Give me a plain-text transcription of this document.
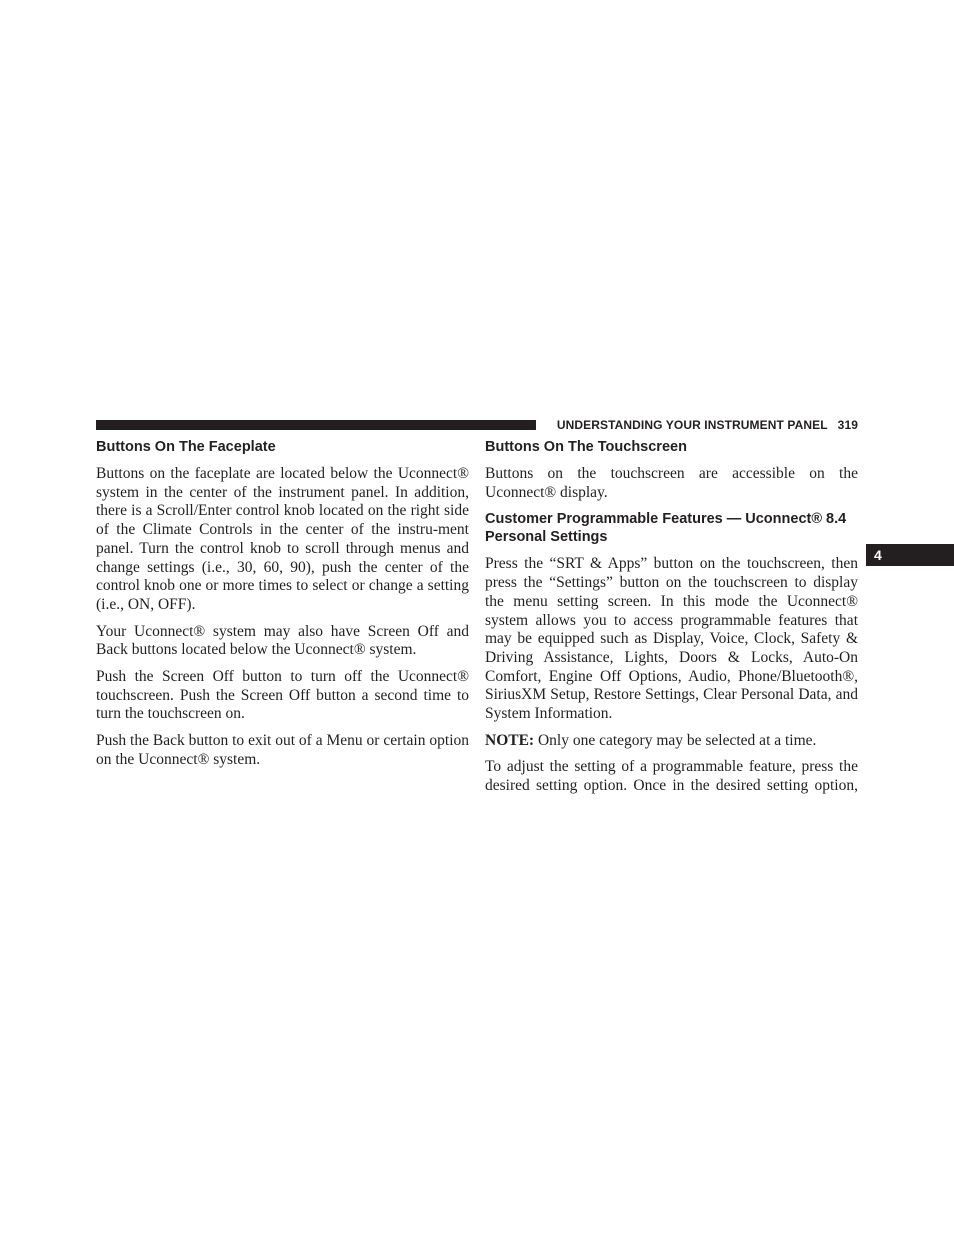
UNDERSTANDING YOUR INSTRUMENT PANEL 319
4
Buttons On The Faceplate

Buttons on the faceplate are located below the Uconnect® system in the center of the instrument panel. In addition, there is a Scroll/Enter control knob located on the right side of the Climate Controls in the center of the instru-ment panel. Turn the control knob to scroll through menus and change settings (i.e., 30, 60, 90), push the center of the control knob one or more times to select or change a setting (i.e., ON, OFF).

Your Uconnect® system may also have Screen Off and Back buttons located below the Uconnect® system.

Push the Screen Off button to turn off the Uconnect® touchscreen. Push the Screen Off button a second time to turn the touchscreen on.

Push the Back button to exit out of a Menu or certain option on the Uconnect® system.

Buttons On The Touchscreen

Buttons on the touchscreen are accessible on the Uconnect® display.

Customer Programmable Features — Uconnect® 8.4 Personal Settings

Press the “SRT & Apps” button on the touchscreen, then press the “Settings” button on the touchscreen to display the menu setting screen. In this mode the Uconnect® system allows you to access programmable features that may be equipped such as Display, Voice, Clock, Safety & Driving Assistance, Lights, Doors & Locks, Auto-On Comfort, Engine Off Options, Audio, Phone/Bluetooth®, SiriusXM Setup, Restore Settings, Clear Personal Data, and System Information.

NOTE: Only one category may be selected at a time.

To adjust the setting of a programmable feature, press the desired setting option. Once in the desired setting option,
